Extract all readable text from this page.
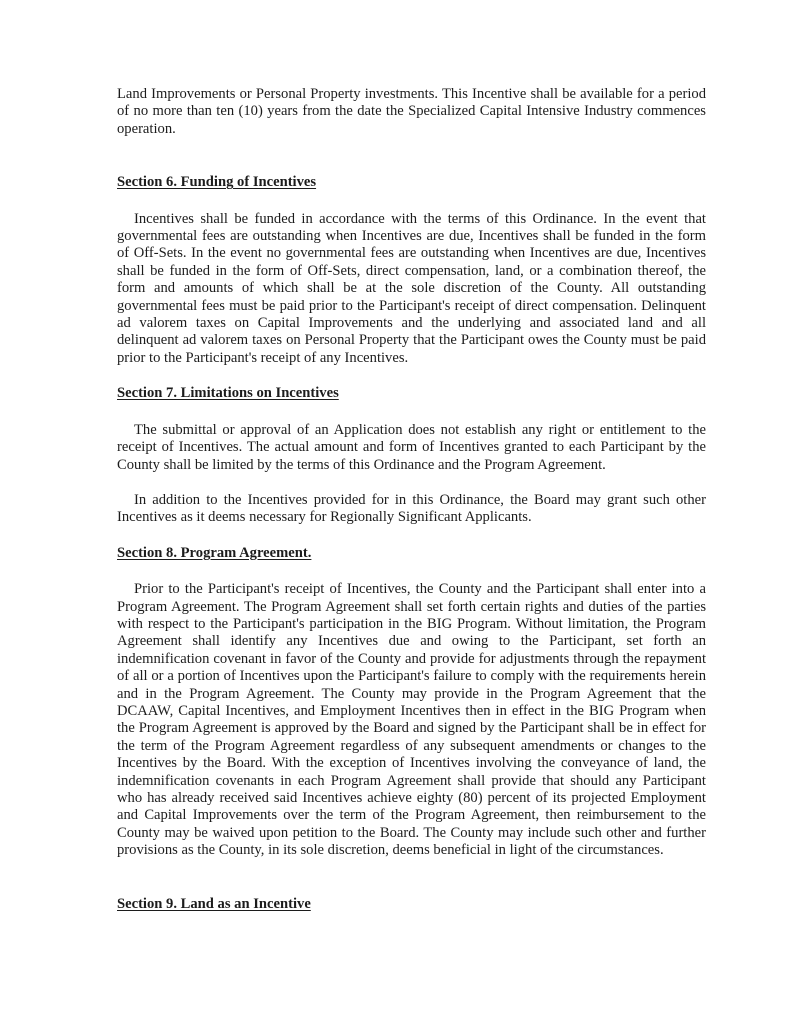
Land Improvements or Personal Property investments. This Incentive shall be available for a period of no more than ten (10) years from the date the Specialized Capital Intensive Industry commences operation.

Section 6. Funding of Incentives

Incentives shall be funded in accordance with the terms of this Ordinance. In the event that governmental fees are outstanding when Incentives are due, Incentives shall be funded in the form of Off-Sets. In the event no governmental fees are outstanding when Incentives are due, Incentives shall be funded in the form of Off-Sets, direct compensation, land, or a combination thereof, the form and amounts of which shall be at the sole discretion of the County. All outstanding governmental fees must be paid prior to the Participant's receipt of direct compensation. Delinquent ad valorem taxes on Capital Improvements and the underlying and associated land and all delinquent ad valorem taxes on Personal Property that the Participant owes the County must be paid prior to the Participant's receipt of any Incentives.

Section 7. Limitations on Incentives

The submittal or approval of an Application does not establish any right or entitlement to the receipt of Incentives. The actual amount and form of Incentives granted to each Participant by the County shall be limited by the terms of this Ordinance and the Program Agreement.

In addition to the Incentives provided for in this Ordinance, the Board may grant such other Incentives as it deems necessary for Regionally Significant Applicants.

Section 8. Program Agreement.

Prior to the Participant's receipt of Incentives, the County and the Participant shall enter into a Program Agreement. The Program Agreement shall set forth certain rights and duties of the parties with respect to the Participant's participation in the BIG Program. Without limitation, the Program Agreement shall identify any Incentives due and owing to the Participant, set forth an indemnification covenant in favor of the County and provide for adjustments through the repayment of all or a portion of Incentives upon the Participant's failure to comply with the requirements herein and in the Program Agreement. The County may provide in the Program Agreement that the DCAAW, Capital Incentives, and Employment Incentives then in effect in the BIG Program when the Program Agreement is approved by the Board and signed by the Participant shall be in effect for the term of the Program Agreement regardless of any subsequent amendments or changes to the Incentives by the Board. With the exception of Incentives involving the conveyance of land, the indemnification covenants in each Program Agreement shall provide that should any Participant who has already received said Incentives achieve eighty (80) percent of its projected Employment and Capital Improvements over the term of the Program Agreement, then reimbursement to the County may be waived upon petition to the Board. The County may include such other and further provisions as the County, in its sole discretion, deems beneficial in light of the circumstances.

Section 9. Land as an Incentive
